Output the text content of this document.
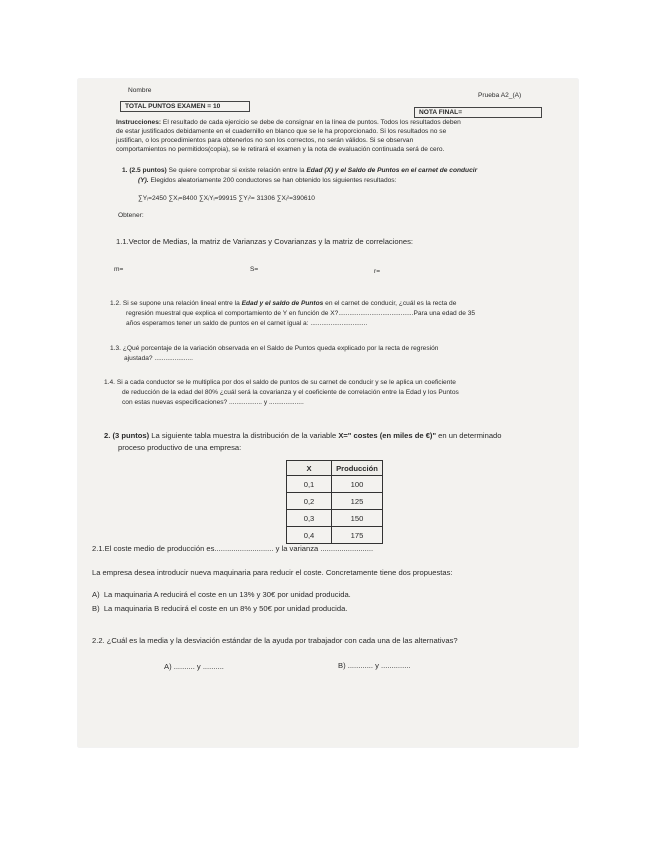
Nombre
Prueba A2_(A)
TOTAL PUNTOS EXAMEN = 10
NOTA FINAL=
Instrucciones: El resultado de cada ejercicio se debe de consignar en la línea de puntos. Todos los resultados deben
de estar justificados debidamente en el cuadernillo en blanco que se le ha proporcionado. Si los resultados no se
justifican, o los procedimientos para obtenerlos no son los correctos, no serán válidos. Si se observan
comportamientos no permitidos(copia), se le retirará el examen y la nota de evaluación continuada será de cero.
1. (2.5 puntos) Se quiere comprobar si existe relación entre la Edad (X) y el Saldo de Puntos en el carnet de conducir
(Y). Elegidos aleatoriamente 200 conductores se han obtenido los siguientes resultados:
∑Yᵢ=2450 ∑Xᵢ=8400 ∑XᵢYᵢ=99915 ∑Yᵢ²= 31306 ∑Xᵢ²=390610
Obtener:
1.1.Vector de Medias, la matriz de Varianzas y Covarianzas y la matriz de correlaciones:
m=	S=	r=
1.2. Si se supone una relación lineal entre la Edad y el saldo de Puntos en el carnet de conducir, ¿cuál es la recta de
regresión muestral que explica el comportamiento de Y en función de X?.........................................Para una edad de 35
años esperamos tener un saldo de puntos en el carnet igual a: ...............................
1.3. ¿Qué porcentaje de la variación observada en el Saldo de Puntos queda explicado por la recta de regresión
ajustada? .....................
1.4. Si a cada conductor se le multiplica por dos el saldo de puntos de su carnet de conducir y se le aplica un coeficiente
de reducción de la edad del 80% ¿cuál será la covarianza y el coeficiente de correlación entre la Edad y los Puntos
con estas nuevas especificaciones? .................. y ...................
2. (3 puntos) La siguiente tabla muestra la distribución de la variable X=" costes (en miles de €)" en un determinado
proceso productivo de una empresa:
X	Producción
0,1	100
0,2	125
0,3	150
0,4	175
2.1.El coste medio de producción es............................ y la varianza .........................
La empresa desea introducir nueva maquinaria para reducir el coste. Concretamente tiene dos propuestas:
A) La maquinaria A reducirá el coste en un 13% y 30€ por unidad producida.
B) La maquinaria B reducirá el coste en un 8% y 50€ por unidad producida.
2.2. ¿Cuál es la media y la desviación estándar de la ayuda por trabajador con cada una de las alternativas?
A) .......... y ..........	B) ............ y ..............
